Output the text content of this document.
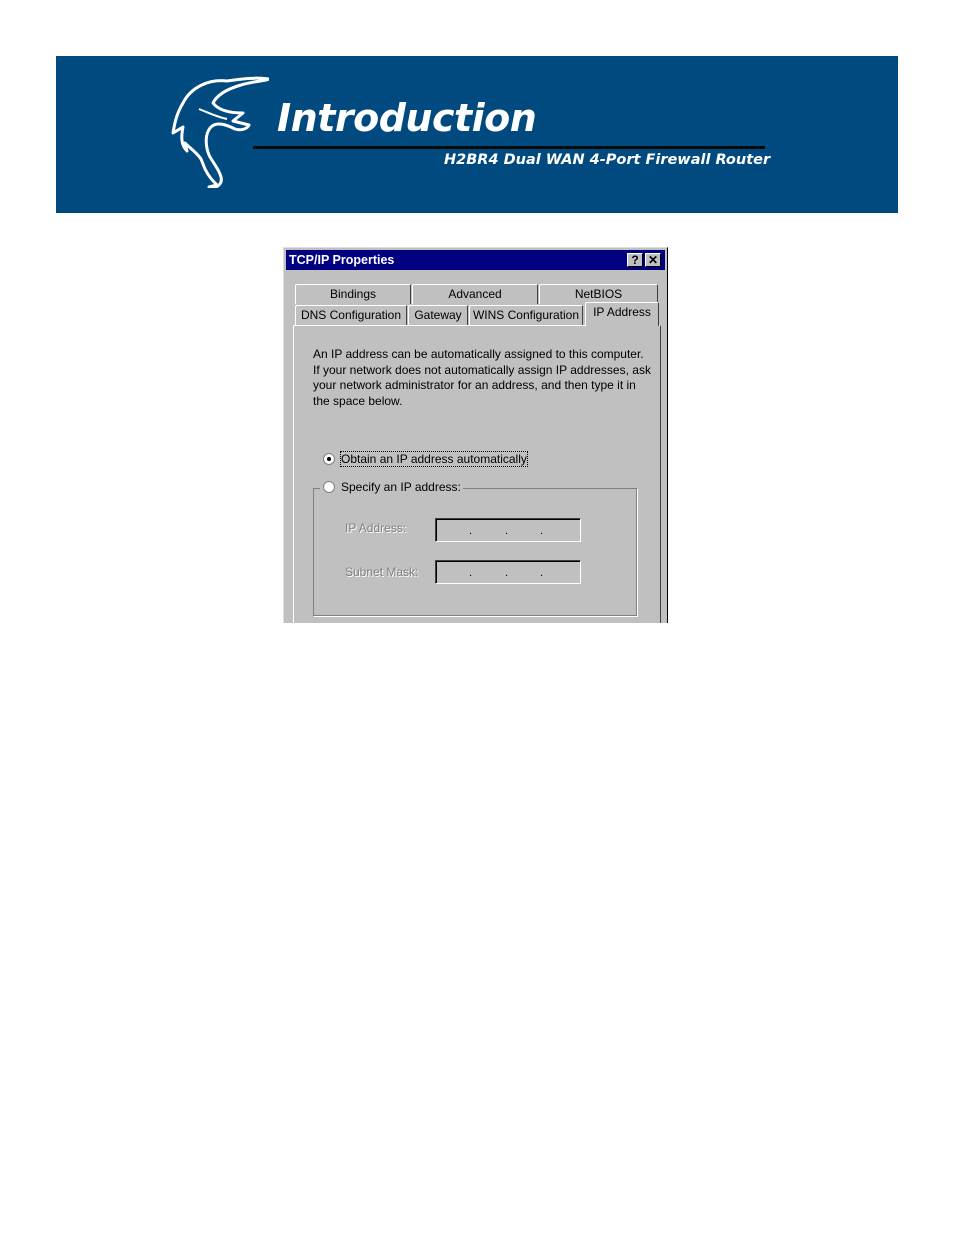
Introduction
H2BR4 Dual WAN 4-Port Firewall Router
TCP/IP Properties	? ✕
Bindings	Advanced	NetBIOS
DNS Configuration	Gateway WINS Configuration	IP Address
An IP address can be automatically assigned to this computer.
If your network does not automatically assign IP addresses, ask
your network administrator for an address, and then type it in
the space below.
Obtain an IP address automatically
Specify an IP address:
IP Address:	.	.	.
Subnet Mask:	.	.	.
